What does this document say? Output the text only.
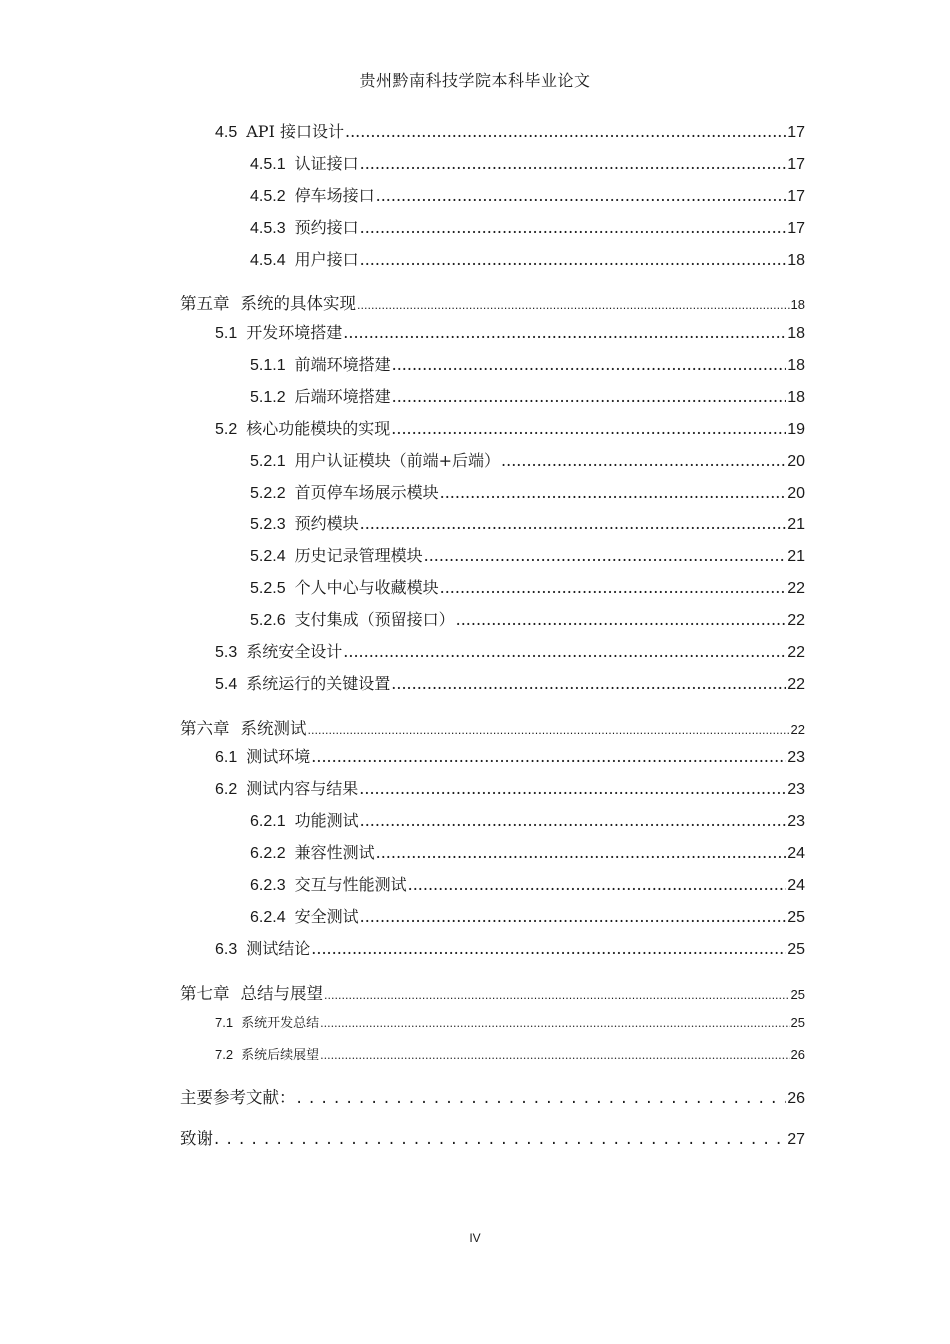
贵州黔南科技学院本科毕业论文
4.5 API 接口设计 .....	17
4.5.1 认证接口 .....	17
4.5.2 停车场接口 .....	17
4.5.3 预约接口 .....	17
4.5.4 用户接口 .....	18
第五章 系统的具体实现 .....	18
5.1 开发环境搭建 .....	18
5.1.1 前端环境搭建 .....	18
5.1.2 后端环境搭建 .....	18
5.2 核心功能模块的实现 .....	19
5.2.1 用户认证模块（前端+后端） .....	20
5.2.2 首页停车场展示模块 .....	20
5.2.3 预约模块 .....	21
5.2.4 历史记录管理模块 .....	21
5.2.5 个人中心与收藏模块 .....	22
5.2.6 支付集成（预留接口） .....	22
5.3 系统安全设计 .....	22
5.4 系统运行的关键设置 .....	22
第六章 系统测试 .....	22
6.1 测试环境 .....	23
6.2 测试内容与结果 .....	23
6.2.1 功能测试 .....	23
6.2.2 兼容性测试 .....	24
6.2.3 交互与性能测试 .....	24
6.2.4 安全测试 .....	25
6.3 测试结论 .....	25
第七章 总结与展望 .....	25
7.1 系统开发总结 .....	25
7.2 系统后续展望 .....	26
主要参考文献： . . .	26
致谢 . . .	27
IV
